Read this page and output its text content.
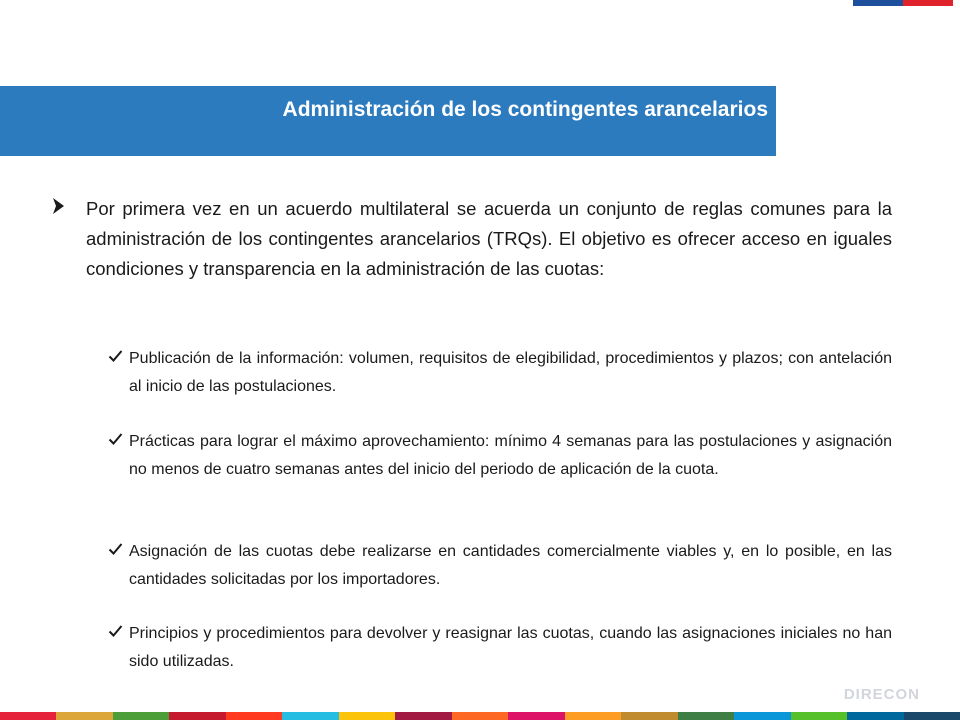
Administración de los contingentes arancelarios

Por primera vez en un acuerdo multilateral se acuerda un conjunto de reglas comunes para la administración de los contingentes arancelarios (TRQs). El objetivo es ofrecer acceso en iguales condiciones y transparencia en la administración de las cuotas:

Publicación de la información: volumen, requisitos de elegibilidad, procedimientos y plazos; con antelación al inicio de las postulaciones.

Prácticas para lograr el máximo aprovechamiento: mínimo 4 semanas para las postulaciones y asignación no menos de cuatro semanas antes del inicio del periodo de aplicación de la cuota.

Asignación de las cuotas debe realizarse en cantidades comercialmente viables y, en lo posible, en las cantidades solicitadas por los importadores.

Principios y procedimientos para devolver y reasignar las cuotas, cuando las asignaciones iniciales no han sido utilizadas.

DIRECON
